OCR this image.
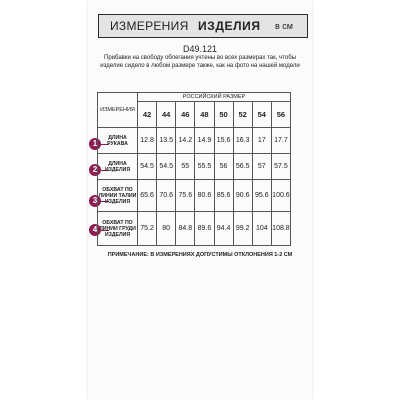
ИЗМЕРЕНИЯ ИЗДЕЛИЯ в см
D49.121
Прибавки на свободу облегания учтены во всех размерах так, чтобы изделие сидело в любом размере также, как на фото на нашей модели
1
2
3
4
ИЗМЕРЕНИЯ	РОССИЙСКИЙ РАЗМЕР							
	42	44	46	48	50	52	54	56
ДЛИНА РУКАВА	12.8	13.5	14.2	14.9	15.6	16.3	17	17.7
ДЛИНА ИЗДЕЛИЯ	54.5	54.5	55	55.5	56	56.5	57	57.5
ОБХВАТ ПО ЛИНИИ ТАЛИИ ИЗДЕЛИЯ	65.6	70.6	75.6	80.6	85.6	90.6	95.6	100.6
ОБХВАТ ПО ЛИНИИ ГРУДИ ИЗДЕЛИЯ	75.2	80	84.8	89.6	94.4	99.2	104	108.8
ПРИМЕЧАНИЕ: В ИЗМЕРЕНИЯХ ДОПУСТИМЫ ОТКЛОНЕНИЯ 1-2 СМ
